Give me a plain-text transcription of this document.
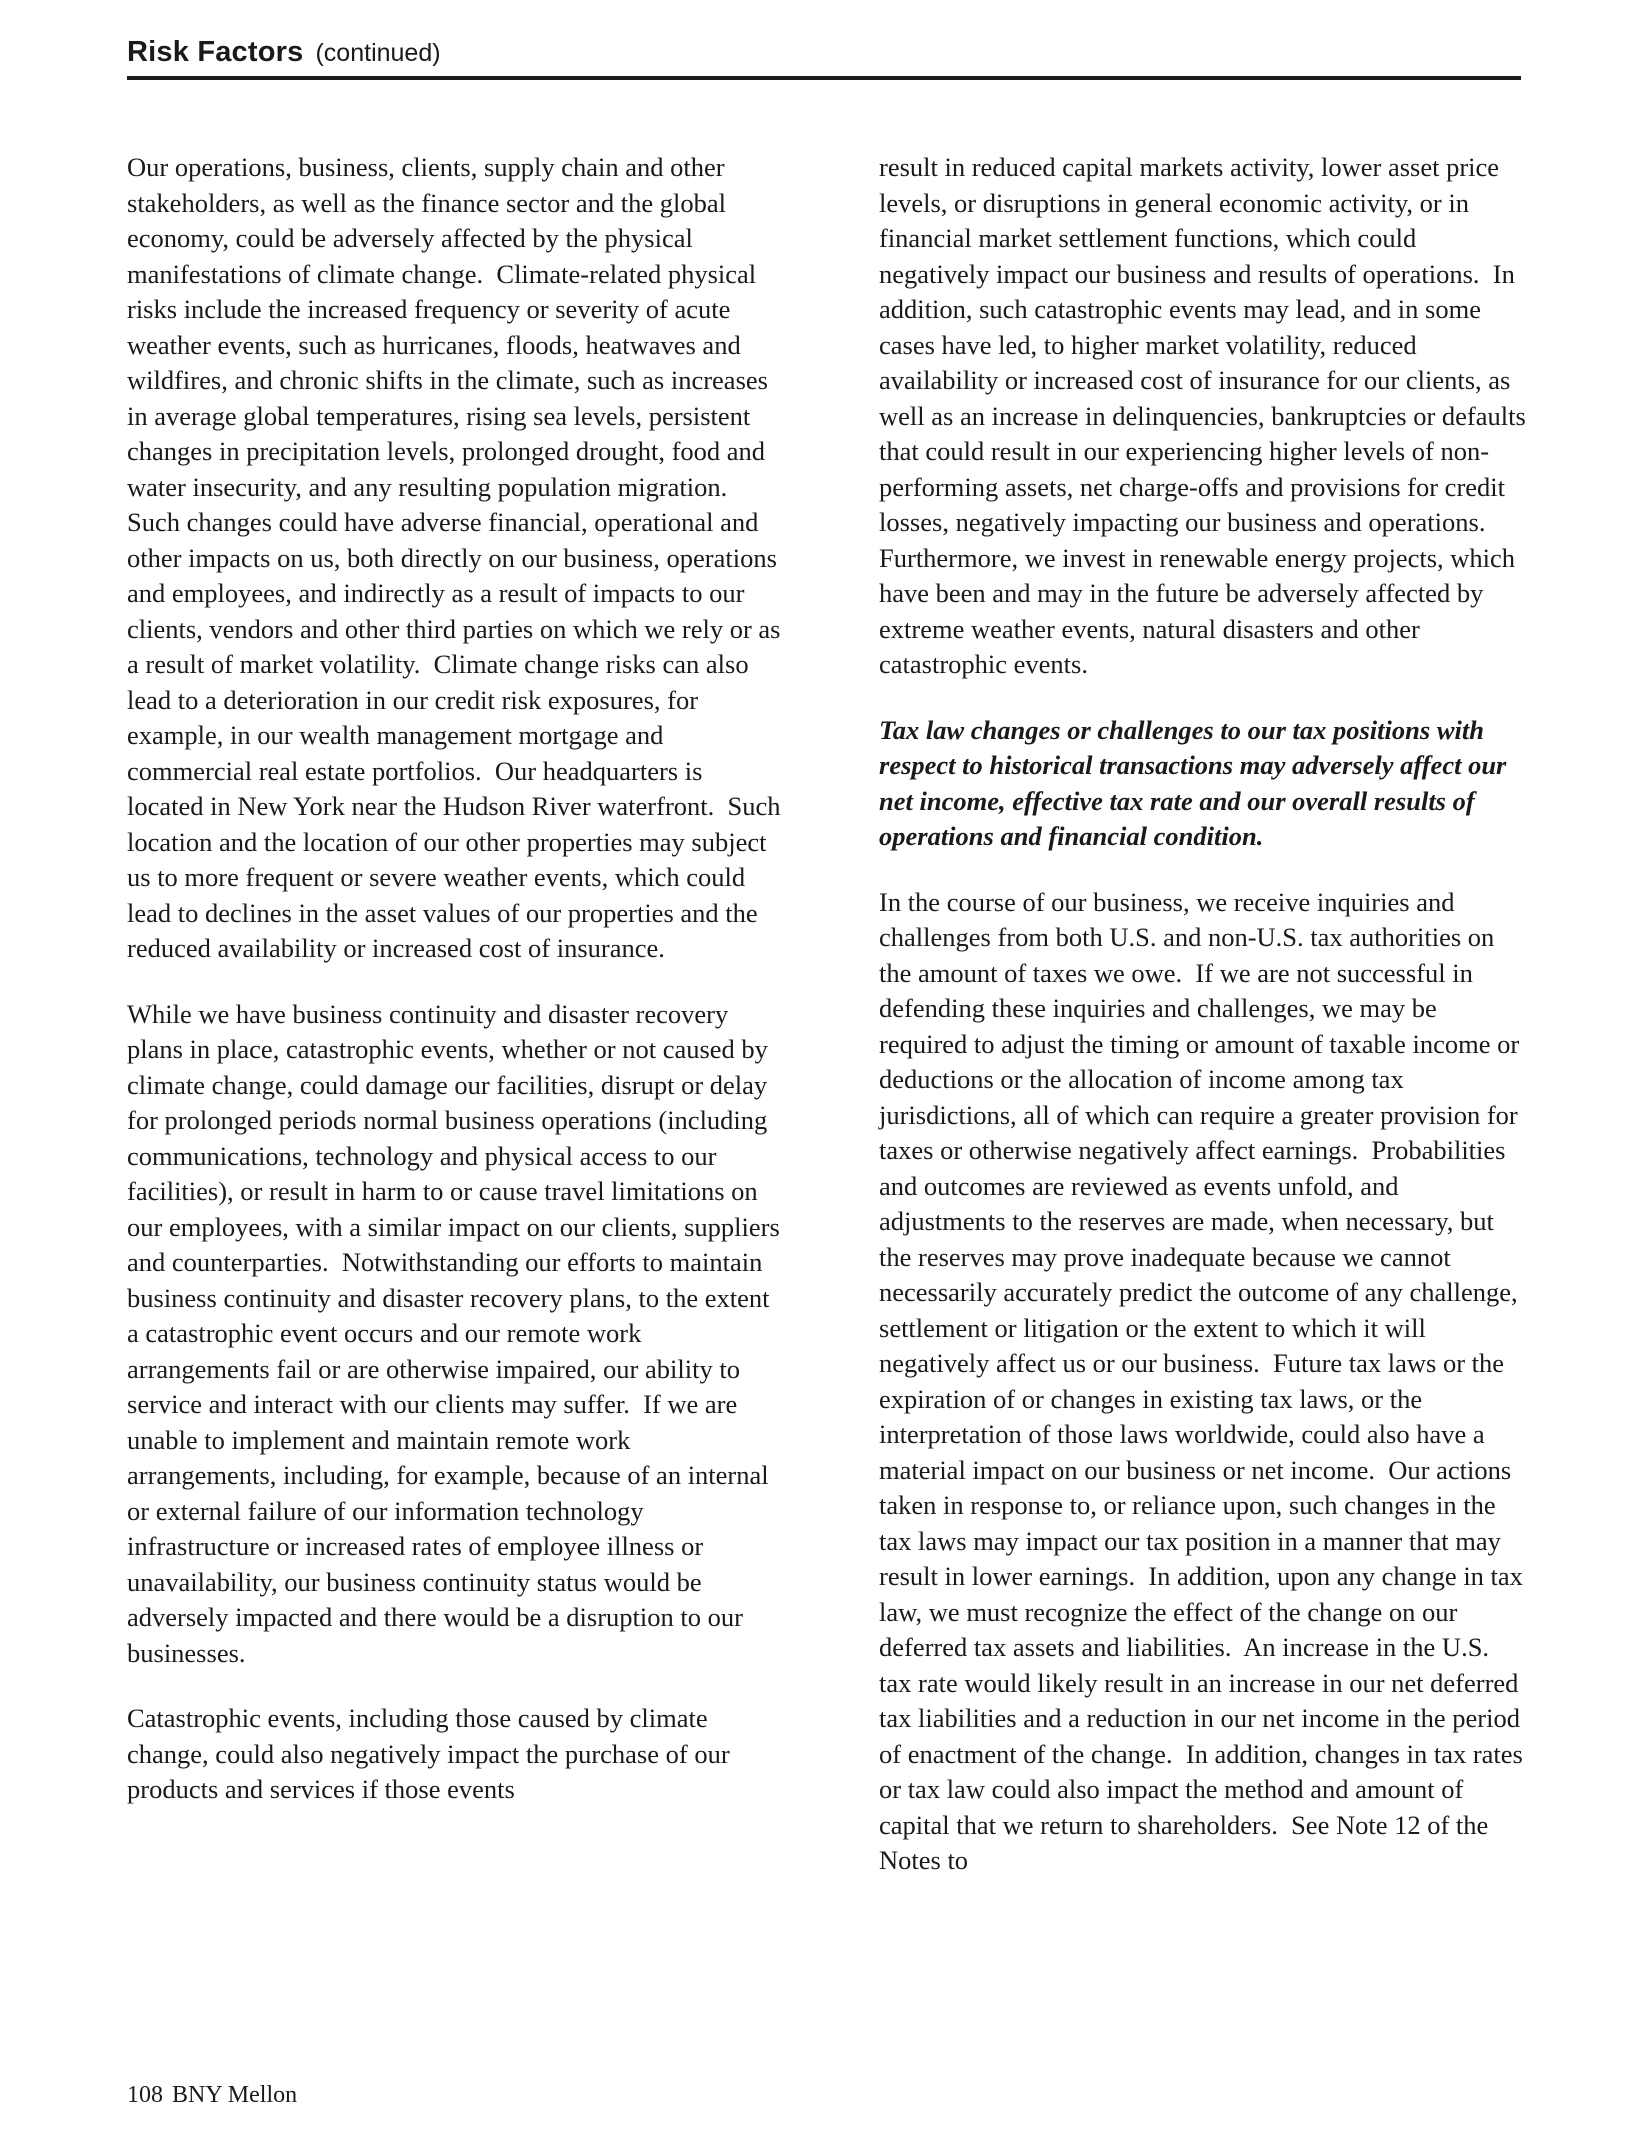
Risk Factors (continued)

Our operations, business, clients, supply chain and other stakeholders, as well as the finance sector and the global economy, could be adversely affected by the physical manifestations of climate change.  Climate-related physical risks include the increased frequency or severity of acute weather events, such as hurricanes, floods, heatwaves and wildfires, and chronic shifts in the climate, such as increases in average global temperatures, rising sea levels, persistent changes in precipitation levels, prolonged drought, food and water insecurity, and any resulting population migration.  Such changes could have adverse financial, operational and other impacts on us, both directly on our business, operations and employees, and indirectly as a result of impacts to our clients, vendors and other third parties on which we rely or as a result of market volatility.  Climate change risks can also lead to a deterioration in our credit risk exposures, for example, in our wealth management mortgage and commercial real estate portfolios.  Our headquarters is located in New York near the Hudson River waterfront.  Such location and the location of our other properties may subject us to more frequent or severe weather events, which could lead to declines in the asset values of our properties and the reduced availability or increased cost of insurance.

While we have business continuity and disaster recovery plans in place, catastrophic events, whether or not caused by climate change, could damage our facilities, disrupt or delay for prolonged periods normal business operations (including communications, technology and physical access to our facilities), or result in harm to or cause travel limitations on our employees, with a similar impact on our clients, suppliers and counterparties.  Notwithstanding our efforts to maintain business continuity and disaster recovery plans, to the extent a catastrophic event occurs and our remote work arrangements fail or are otherwise impaired, our ability to service and interact with our clients may suffer.  If we are unable to implement and maintain remote work arrangements, including, for example, because of an internal or external failure of our information technology infrastructure or increased rates of employee illness or unavailability, our business continuity status would be adversely impacted and there would be a disruption to our businesses.

Catastrophic events, including those caused by climate change, could also negatively impact the purchase of our products and services if those events

result in reduced capital markets activity, lower asset price levels, or disruptions in general economic activity, or in financial market settlement functions, which could negatively impact our business and results of operations.  In addition, such catastrophic events may lead, and in some cases have led, to higher market volatility, reduced availability or increased cost of insurance for our clients, as well as an increase in delinquencies, bankruptcies or defaults that could result in our experiencing higher levels of non-performing assets, net charge-offs and provisions for credit losses, negatively impacting our business and operations.  Furthermore, we invest in renewable energy projects, which have been and may in the future be adversely affected by extreme weather events, natural disasters and other catastrophic events.

Tax law changes or challenges to our tax positions with respect to historical transactions may adversely affect our net income, effective tax rate and our overall results of operations and financial condition.

In the course of our business, we receive inquiries and challenges from both U.S. and non-U.S. tax authorities on the amount of taxes we owe.  If we are not successful in defending these inquiries and challenges, we may be required to adjust the timing or amount of taxable income or deductions or the allocation of income among tax jurisdictions, all of which can require a greater provision for taxes or otherwise negatively affect earnings.  Probabilities and outcomes are reviewed as events unfold, and adjustments to the reserves are made, when necessary, but the reserves may prove inadequate because we cannot necessarily accurately predict the outcome of any challenge, settlement or litigation or the extent to which it will negatively affect us or our business.  Future tax laws or the expiration of or changes in existing tax laws, or the interpretation of those laws worldwide, could also have a material impact on our business or net income.  Our actions taken in response to, or reliance upon, such changes in the tax laws may impact our tax position in a manner that may result in lower earnings.  In addition, upon any change in tax law, we must recognize the effect of the change on our deferred tax assets and liabilities.  An increase in the U.S. tax rate would likely result in an increase in our net deferred tax liabilities and a reduction in our net income in the period of enactment of the change.  In addition, changes in tax rates or tax law could also impact the method and amount of capital that we return to shareholders.  See Note 12 of the Notes to

108 BNY Mellon
